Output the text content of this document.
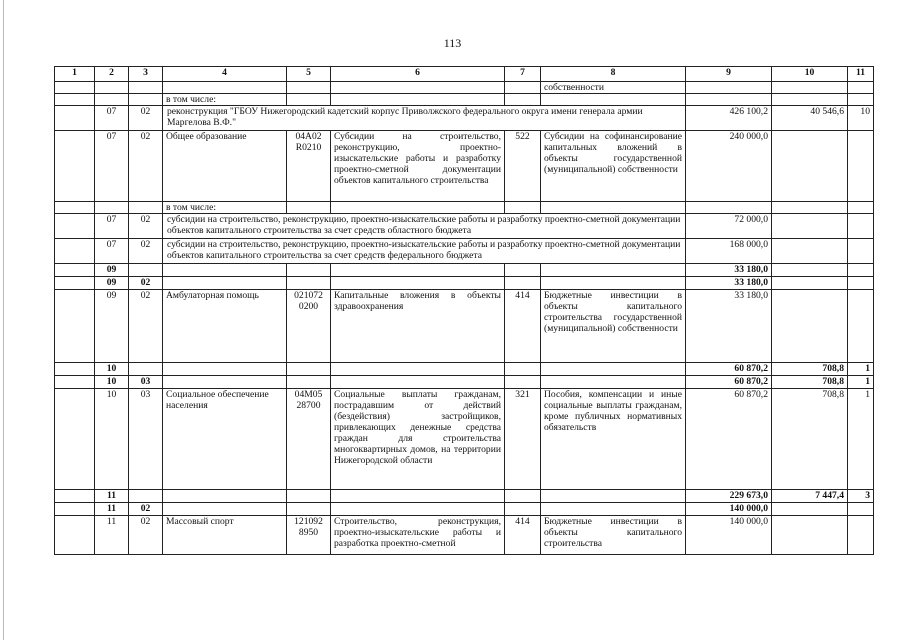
113
1	2	3	4	5	6	7	8	9	10	11
							собственности			
			в том числе:							
	07	02	реконструкция "ГБОУ Нижегородский кадетский корпус Приволжского федерального округа имени генерала армии Маргелова В.Ф."					426 100,2	40 546,6	10
	07	02	Общее образование	04А02 R0210	Субсидии на строительство, реконструкцию, проектно-изыскательские работы и разработку проектно-сметной документации объектов капитального строительства	522	Субсидии на софинансирование капитальных вложений в объекты государственной (муниципальной) собственности	240 000,0		
			в том числе:							
	07	02	субсидии на строительство, реконструкцию, проектно-изыскательские работы и разработку проектно-сметной документации объектов капитального строительства за счет средств областного бюджета					72 000,0		
	07	02	субсидии на строительство, реконструкцию, проектно-изыскательские работы и разработку проектно-сметной документации объектов капитального строительства за счет средств федерального бюджета					168 000,0		
	09							33 180,0		
	09	02						33 180,0		
	09	02	Амбулаторная помощь	021072 0200	Капитальные вложения в объекты здравоохранения	414	Бюджетные инвестиции в объекты капитального строительства государственной (муниципальной) собственности	33 180,0		
	10							60 870,2	708,8	1
	10	03						60 870,2	708,8	1
	10	03	Социальное обеспечение населения	04М05 28700	Социальные выплаты гражданам, пострадавшим от действий (бездействия) застройщиков, привлекающих денежные средства граждан для строительства многоквартирных домов, на территории Нижегородской области	321	Пособия, компенсации и иные социальные выплаты гражданам, кроме публичных нормативных обязательств	60 870,2	708,8	1
	11							229 673,0	7 447,4	3
	11	02						140 000,0		
	11	02	Массовый спорт	121092 8950	Строительство, реконструкция, проектно-изыскательские работы и разработка проектно-сметной	414	Бюджетные инвестиции в объекты капитального строительства	140 000,0		
